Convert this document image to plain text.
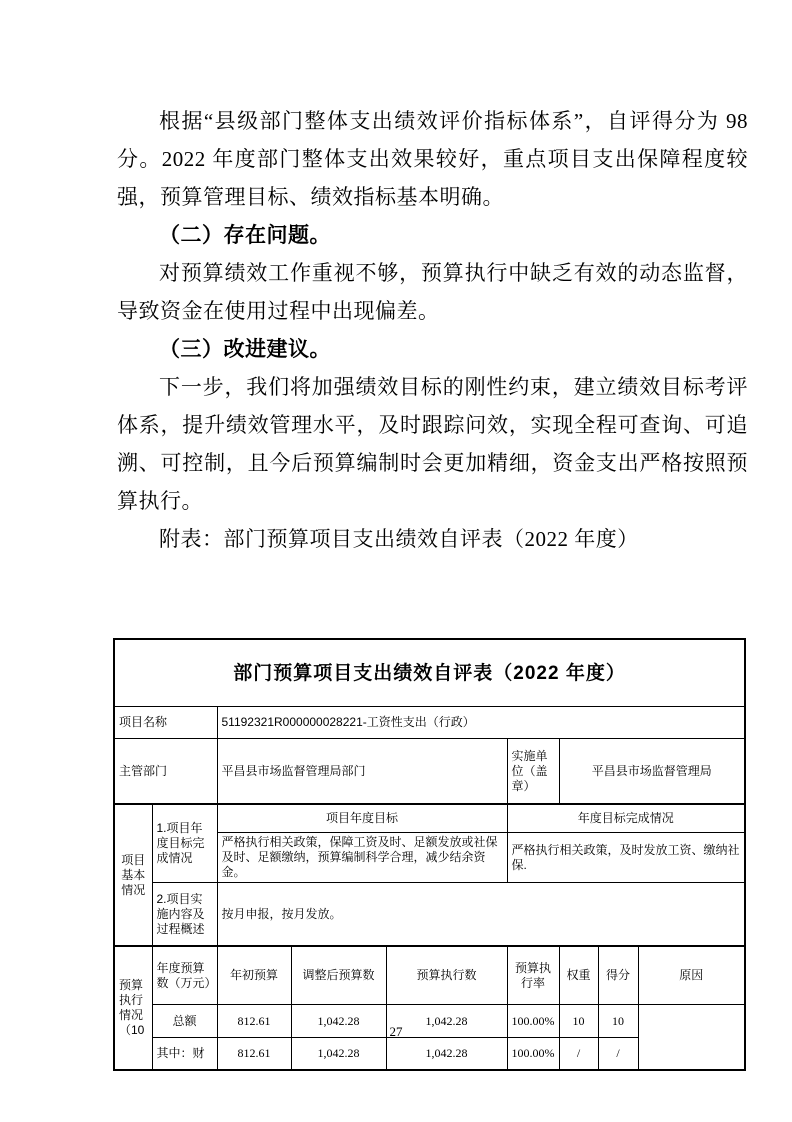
根据“县级部门整体支出绩效评价指标体系”，自评得分为 98 分。2022 年度部门整体支出效果较好，重点项目支出保障程度较强，预算管理目标、绩效指标基本明确。

（二）存在问题。

对预算绩效工作重视不够，预算执行中缺乏有效的动态监督，导致资金在使用过程中出现偏差。

（三）改进建议。

下一步，我们将加强绩效目标的刚性约束，建立绩效目标考评体系，提升绩效管理水平，及时跟踪问效，实现全程可查询、可追溯、可控制，且今后预算编制时会更加精细，资金支出严格按照预算执行。

附表：部门预算项目支出绩效自评表（2022 年度）

部门预算项目支出绩效自评表（2022 年度）								
项目名称		51192321R000000028221-工资性支出（行政）						
主管部门		平昌县市场监督管理局部门			实施单位（盖章）	平昌县市场监督管理局		
项目基本情况	1.项目年度目标完成情况	项目年度目标			年度目标完成情况			
		严格执行相关政策，保障工资及时、足额发放或社保及时、足额缴纳，预算编制科学合理，减少结余资金。			严格执行相关政策，及时发放工资、缴纳社保.			
	2.项目实施内容及过程概述	按月申报，按月发放。						
预算执行情况（10	年度预算数（万元）	年初预算	调整后预算数	预算执行数	预算执行率	权重	得分	原因
	总额	812.61	1,042.28	1,042.28	100.00%	10	10	
	其中：财	812.61	1,042.28	1,042.28	100.00%	/	/	
27
